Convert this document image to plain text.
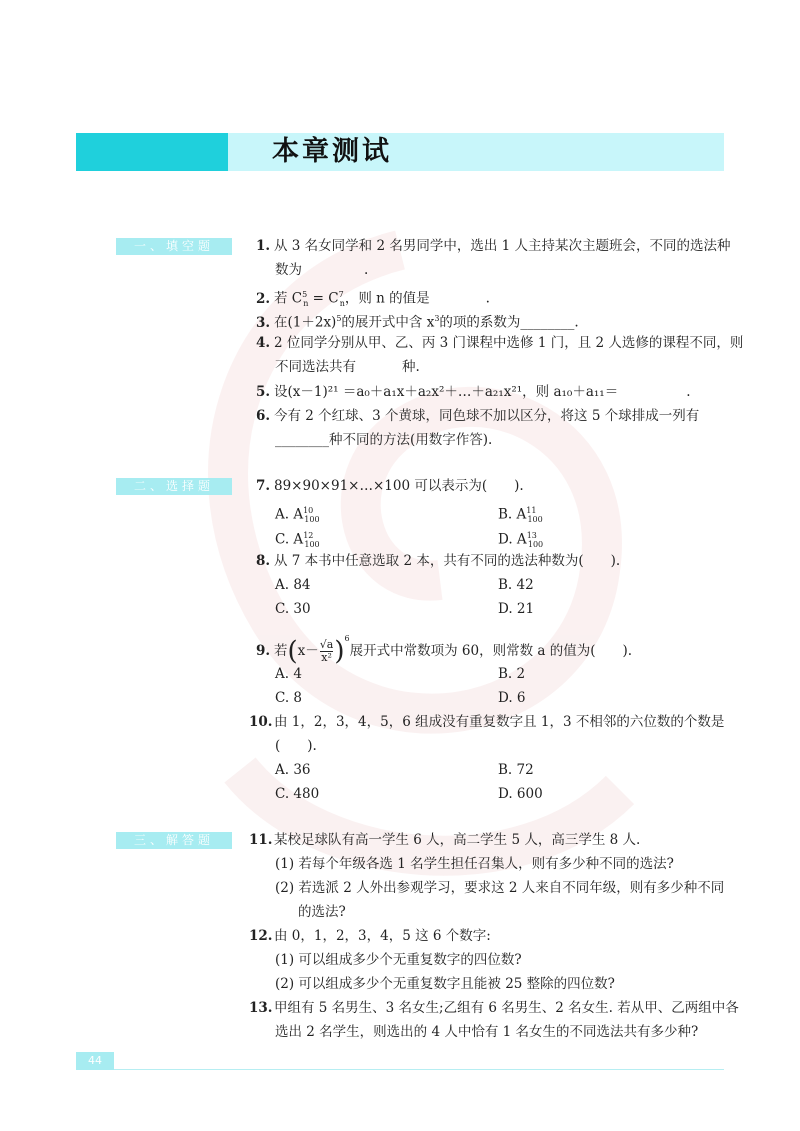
本章测试
一、填空题
二、选择题
三、解答题
1. 从 3 名女同学和 2 名男同学中，选出 1 人主持某次主题班会，不同的选法种
数为	.
2. 若 $C^5_n = C^7_n$，则 n 的值是	.
3. 在$(1+2x)^5$的展开式中含 $x^3$的项的系数为________.
4. 2 位同学分别从甲、乙、丙 3 门课程中选修 1 门，且 2 人选修的课程不同，则
不同选法共有	种.
5. 设(x－1)²¹ ＝a₀＋a₁x＋a₂x²＋…＋a₂₁x²¹，则 a₁₀＋a₁₁＝	.
6. 今有 2 个红球、3 个黄球，同色球不加以区分，将这 5 个球排成一列有
________种不同的方法(用数字作答).
7. 89×90×91×…×100 可以表示为(　　).
A. $A^{10}_{100}$	B. $A^{11}_{100}$
C. $A^{12}_{100}$	D. $A^{13}_{100}$
8. 从 7 本书中任意选取 2 本，共有不同的选法种数为(　　).
A. 84	B. 42
C. 30	D. 21
9. 若$(x- \frac{√a}{\text{x²}} )^6$展开式中常数项为 60，则常数 a 的值为(　　).
A. 4	B. 2
C. 8	D. 6
10. 由 1，2，3，4，5，6 组成没有重复数字且 1，3 不相邻的六位数的个数是
(　　).
A. 36	B. 72
C. 480	D. 600
11. 某校足球队有高一学生 6 人，高二学生 5 人，高三学生 8 人.
(1) 若每个年级各选 1 名学生担任召集人，则有多少种不同的选法?
(2) 若选派 2 人外出参观学习，要求这 2 人来自不同年级，则有多少种不同
的选法?
12. 由 0，1，2，3，4，5 这 6 个数字:
(1) 可以组成多少个无重复数字的四位数?
(2) 可以组成多少个无重复数字且能被 25 整除的四位数?
13. 甲组有 5 名男生、3 名女生;乙组有 6 名男生、2 名女生. 若从甲、乙两组中各
选出 2 名学生，则选出的 4 人中恰有 1 名女生的不同选法共有多少种?
44
